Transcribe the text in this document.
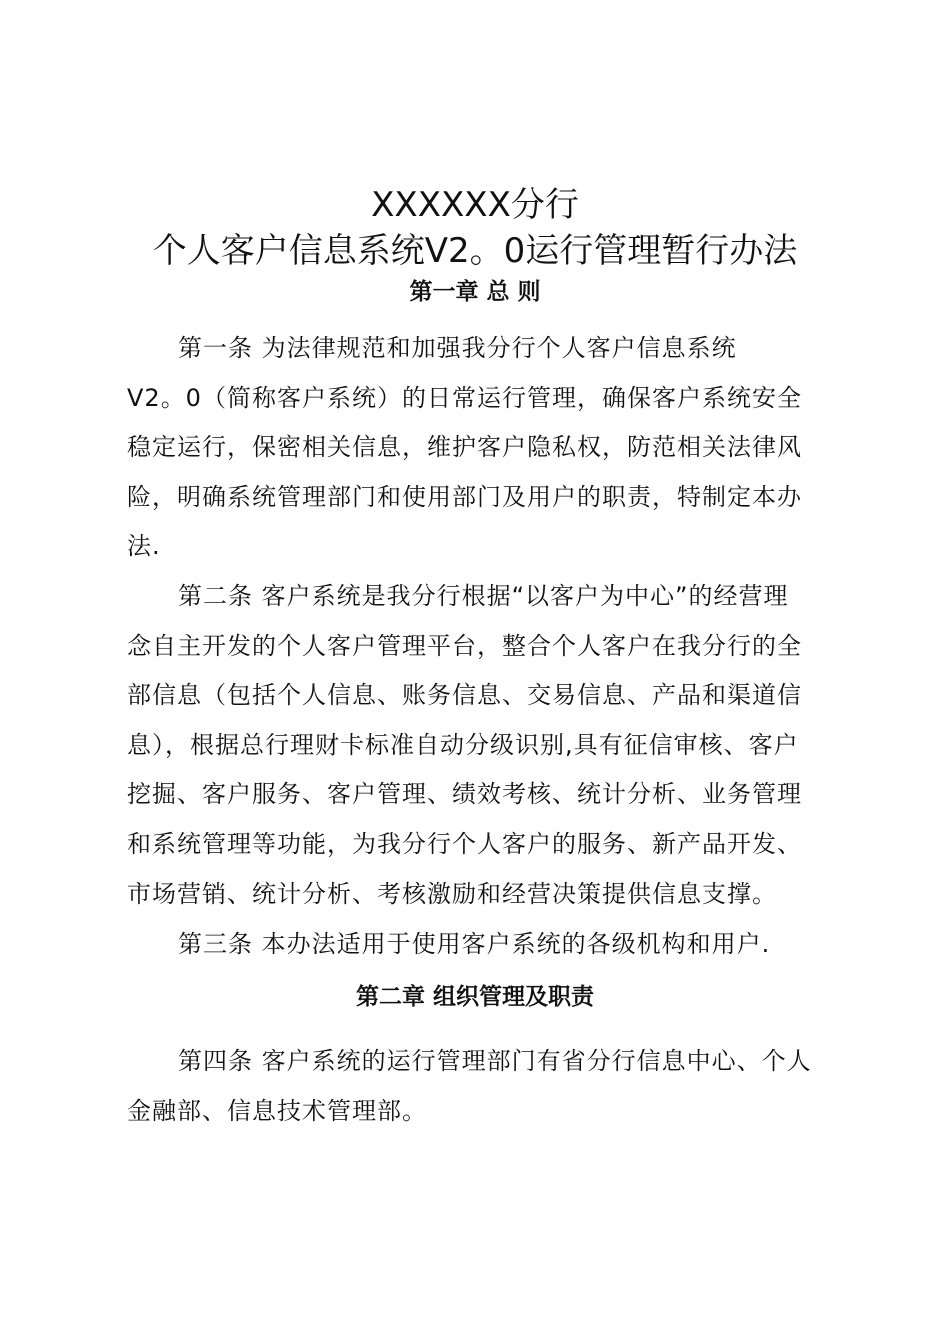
XXXXXX分行
个人客户信息系统V2。0运行管理暂行办法
第一章 总 则

第一条 为法律规范和加强我分行个人客户信息系统
V2。0（简称客户系统）的日常运行管理，确保客户系统安全
稳定运行，保密相关信息，维护客户隐私权，防范相关法律风
险，明确系统管理部门和使用部门及用户的职责，特制定本办
法.

第二条 客户系统是我分行根据“以客户为中心”的经营理
念自主开发的个人客户管理平台，整合个人客户在我分行的全
部信息（包括个人信息、账务信息、交易信息、产品和渠道信
息），根据总行理财卡标准自动分级识别,具有征信审核、客户
挖掘、客户服务、客户管理、绩效考核、统计分析、业务管理
和系统管理等功能，为我分行个人客户的服务、新产品开发、
市场营销、统计分析、考核激励和经营决策提供信息支撑。

第三条 本办法适用于使用客户系统的各级机构和用户.

第二章 组织管理及职责

第四条 客户系统的运行管理部门有省分行信息中心、个人
金融部、信息技术管理部。
